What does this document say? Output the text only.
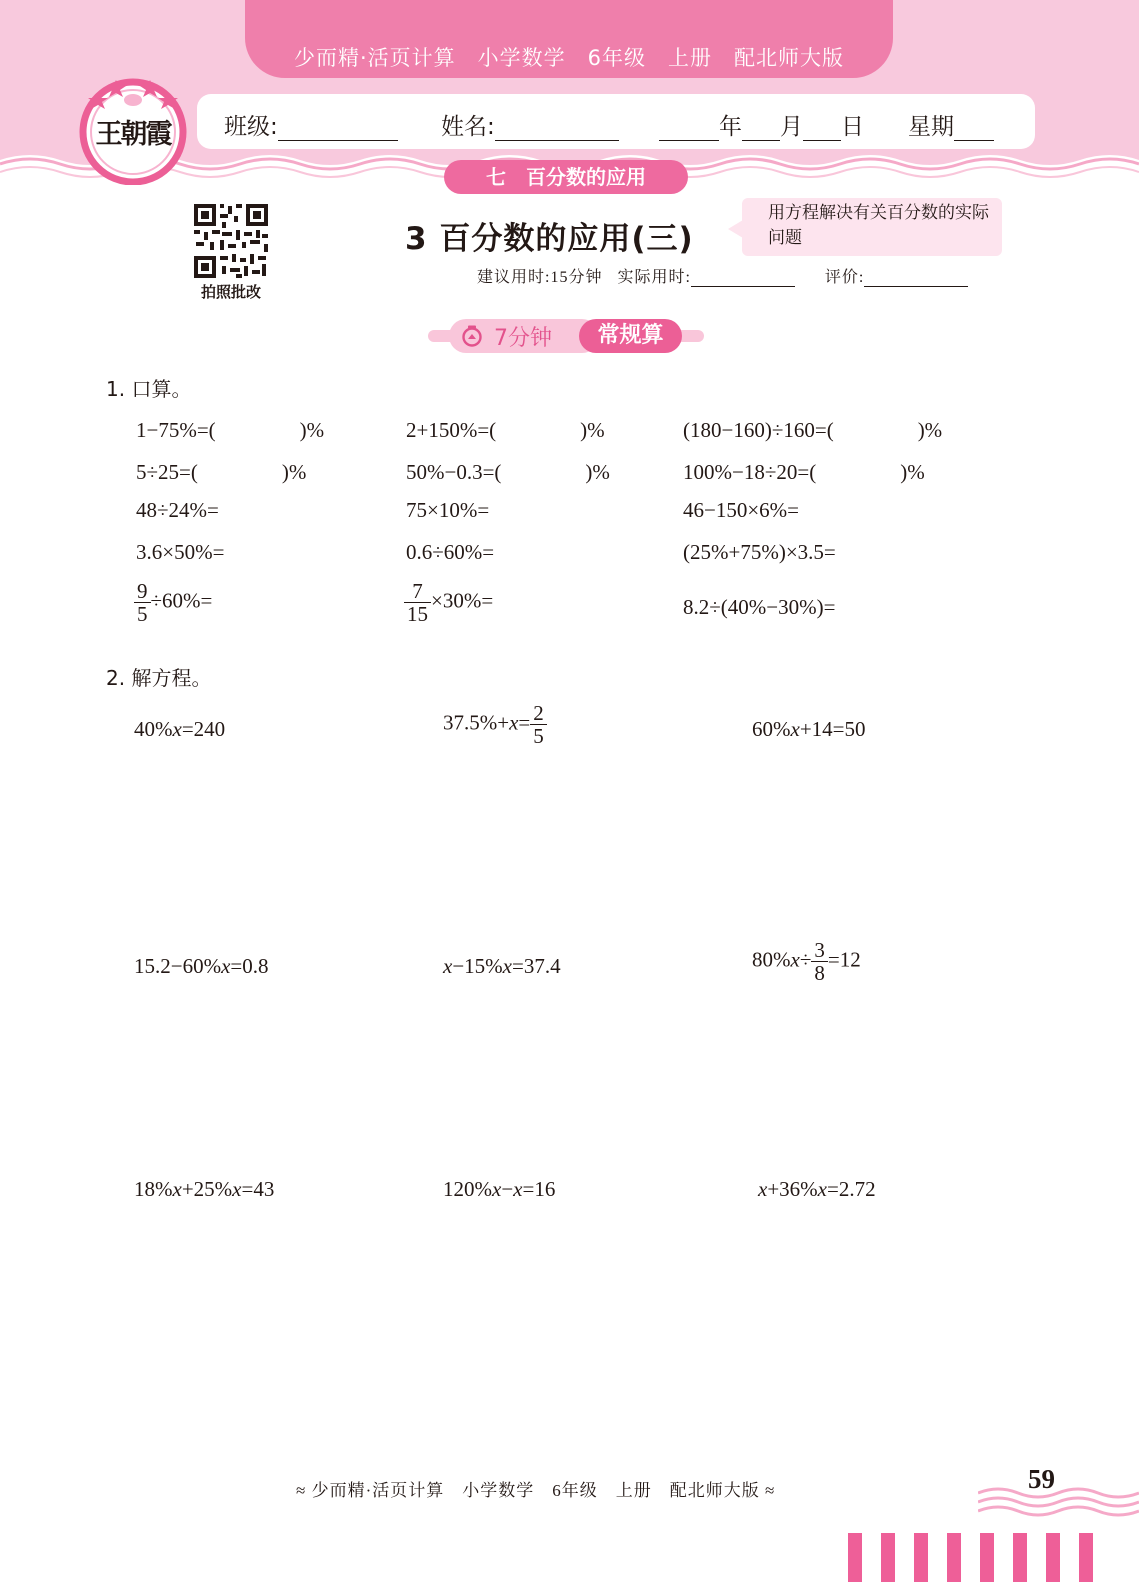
少而精·活页计算　小学数学　6年级　上册　配北师大版
王朝霞	班级:	姓名:	年 月 日 星期
七　百分数的应用
拍照批改
3 百分数的应用(三)
用方程解决有关百分数的实际问题
建议用时:15分钟 实际用时:	评价:
7分钟	常规算
1. 口算。
1−75%=(　　　　)%	2+150%=(　　　　)%	(180−160)÷160=(　　　　)%
5÷25=(　　　　)%	50%−0.3=(　　　　)%	100%−18÷20=(　　　　)%
48÷24%=	75×10%=	46−150×6%=
3.6×50%=	0.6÷60%=	(25%+75%)×3.5=
$\frac{9}{5} \div 60\%=$	$\frac{7}{15} \times 30\%=$	8.2÷(40%−30%)=
2. 解方程。
40%x=240	$37.5\%+x= \frac{2}{5}$	60%x+14=50
15.2−60%x=0.8	x−15%x=37.4	$80\%x\div \frac{3}{8} =12$
18%x+25%x=43	120%x−x=16	x+36%x=2.72
≈ 少而精·活页计算　小学数学　6年级　上册　配北师大版 ≈	59
